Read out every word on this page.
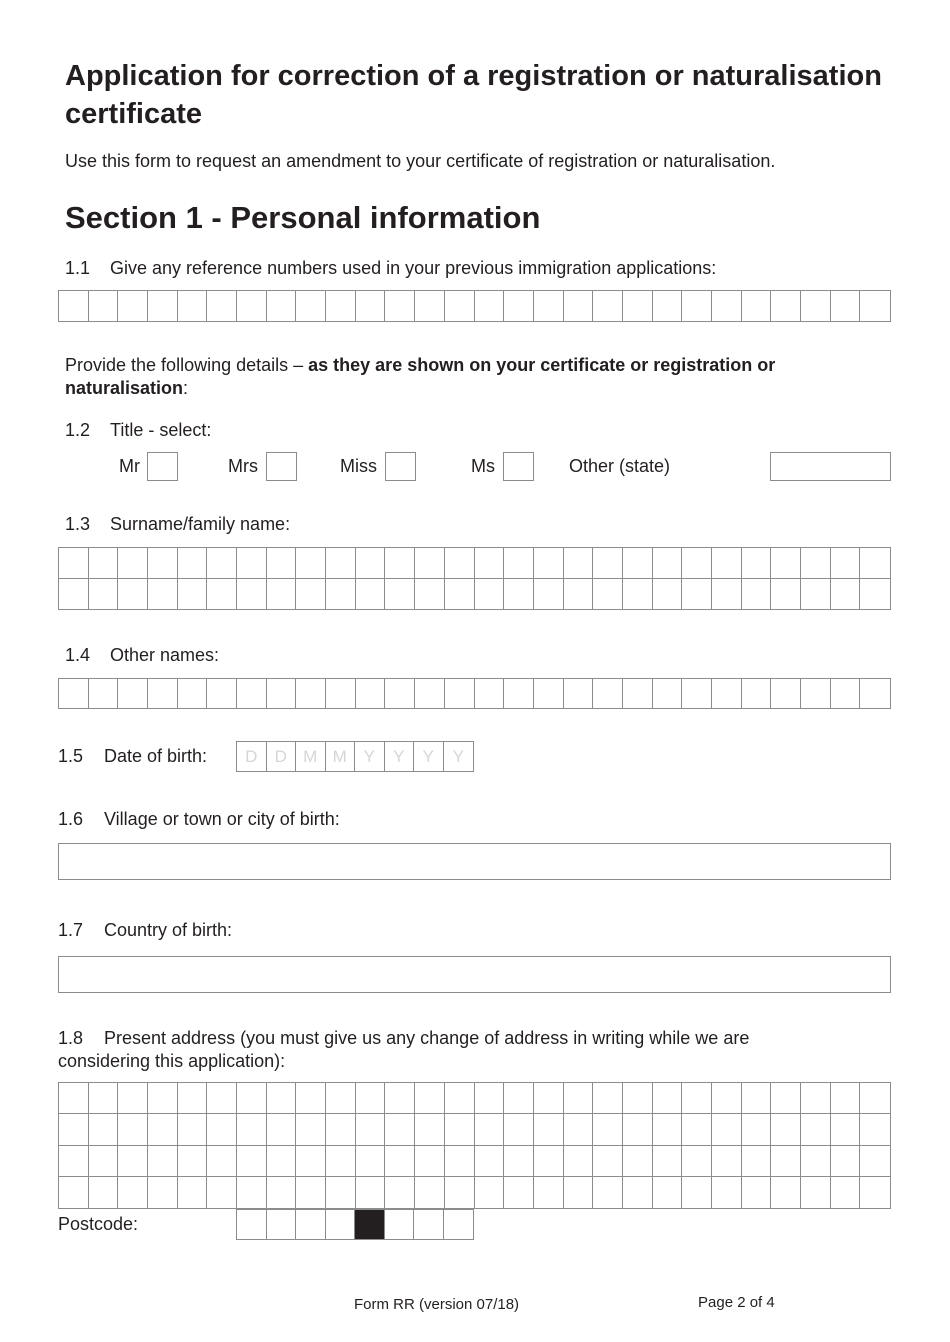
Application for correction of a registration or naturalisation certificate
Use this form to request an amendment to your certificate of registration or naturalisation.
Section 1 - Personal information
1.1 Give any reference numbers used in your previous immigration applications:
Provide the following details – as they are shown on your certificate or registration or naturalisation:
1.2 Title - select:
Mr	Mrs	Miss	Ms	Other (state)
1.3 Surname/family name:
1.4 Other names:
1.5 Date of birth:	D	D M M Y	Y	Y	Y
1.6 Village or town or city of birth:
1.7 Country of birth:
1.8 Present address (you must give us any change of address in writing while we are considering this application):
Postcode:
Form RR (version 07/18)	Page 2 of 4
